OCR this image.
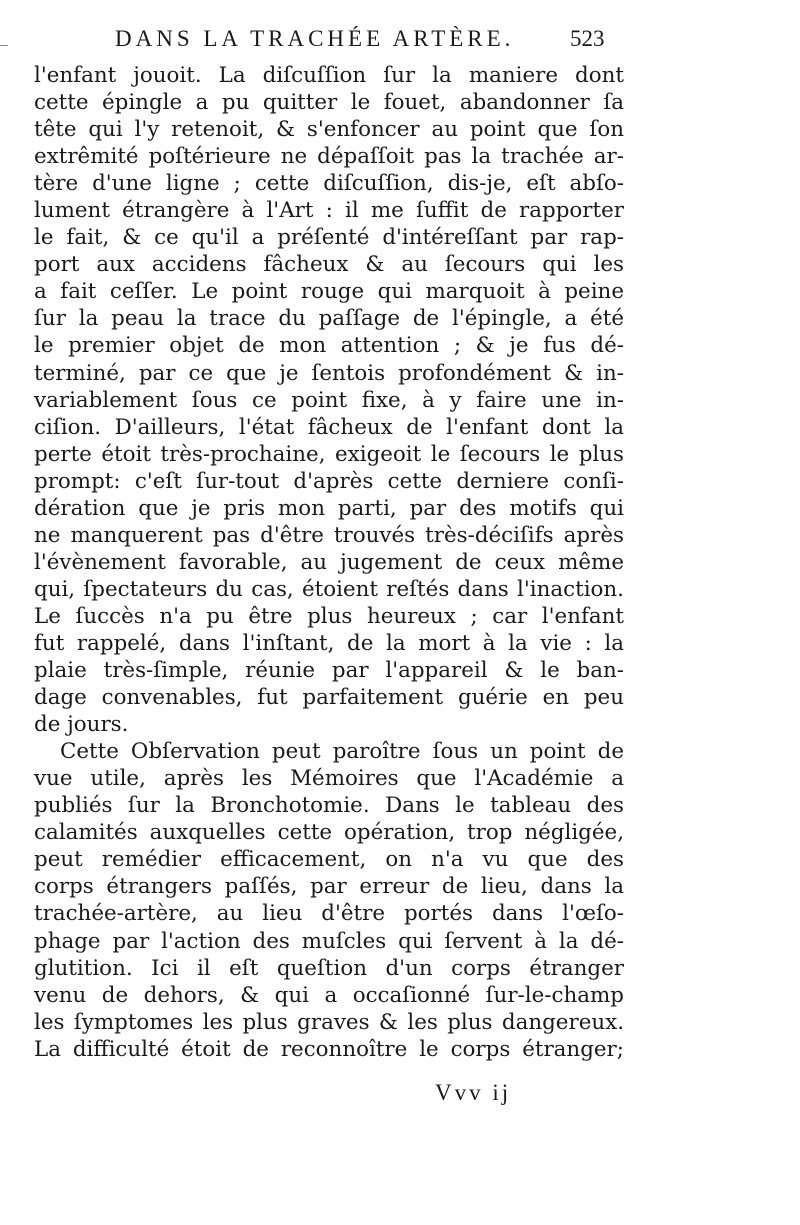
DANS LA TRACHÉE ARTÈRE. 523
l'enfant jouoit. La diſcuſſion ſur la maniere dont
cette épingle a pu quitter le fouet, abandonner ſa
tête qui l'y retenoit, & s'enfoncer au point que ſon
extrêmité poſtérieure ne dépaſſoit pas la trachée ar-
tère d'une ligne ; cette diſcuſſion, dis-je, eſt abſo-
lument étrangère à l'Art : il me ſuffit de rapporter
le fait, & ce qu'il a préſenté d'intéreſſant par rap-
port aux accidens fâcheux & au ſecours qui les
a fait ceſſer. Le point rouge qui marquoit à peine
ſur la peau la trace du paſſage de l'épingle, a été
le premier objet de mon attention ; & je fus dé-
terminé, par ce que je ſentois profondément & in-
variablement ſous ce point fixe, à y faire une in-
ciſion. D'ailleurs, l'état fâcheux de l'enfant dont la
perte étoit très-prochaine, exigeoit le ſecours le plus
prompt: c'eſt ſur-tout d'après cette derniere conſi-
dération que je pris mon parti, par des motifs qui
ne manquerent pas d'être trouvés très-déciſifs après
l'évènement favorable, au jugement de ceux même
qui, ſpectateurs du cas, étoient reſtés dans l'inaction.
Le ſuccès n'a pu être plus heureux ; car l'enfant
fut rappelé, dans l'inſtant, de la mort à la vie : la
plaie très-ſimple, réunie par l'appareil & le ban-
dage convenables, fut parfaitement guérie en peu
de jours.
Cette Obſervation peut paroître ſous un point de
vue utile, après les Mémoires que l'Académie a
publiés ſur la Bronchotomie. Dans le tableau des
calamités auxquelles cette opération, trop négligée,
peut remédier efficacement, on n'a vu que des
corps étrangers paſſés, par erreur de lieu, dans la
trachée-artère, au lieu d'être portés dans l'œſo-
phage par l'action des muſcles qui ſervent à la dé-
glutition. Ici il eſt queſtion d'un corps étranger
venu de dehors, & qui a occaſionné ſur-le-champ
les ſymptomes les plus graves & les plus dangereux.
La difficulté étoit de reconnoître le corps étranger;
Vvv ij
